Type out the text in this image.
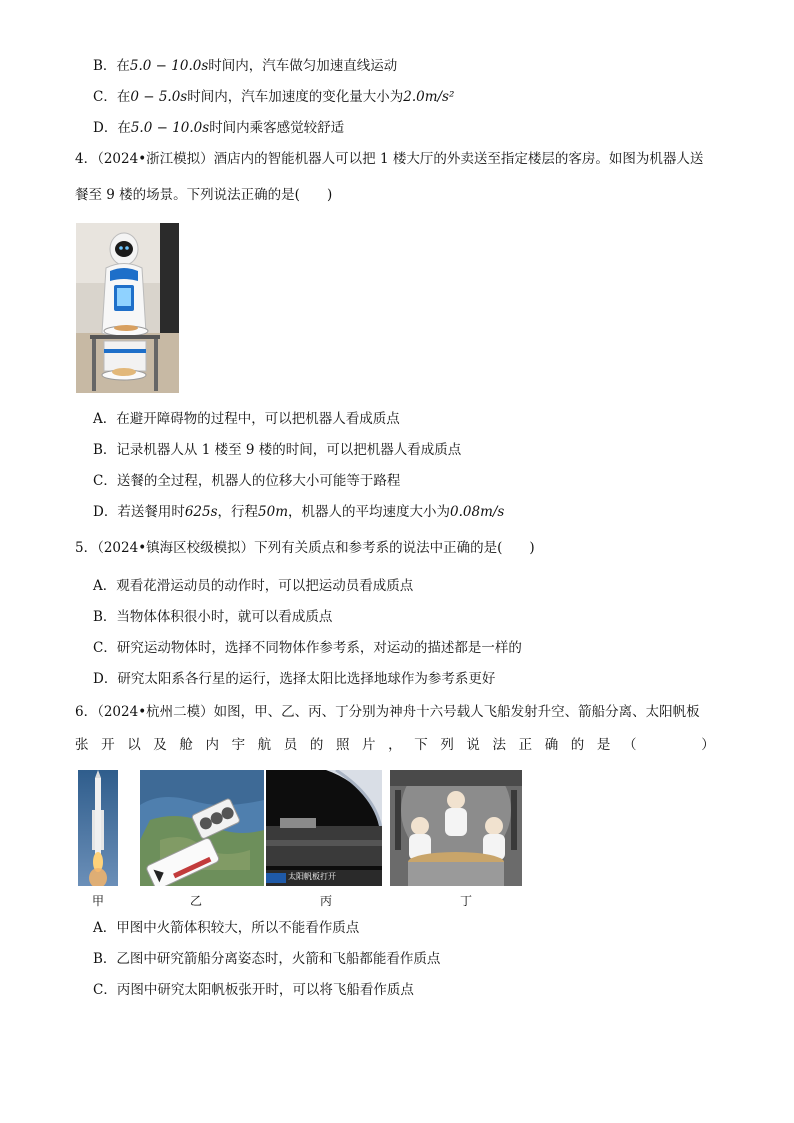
B．在5.0 − 10.0s时间内，汽车做匀加速直线运动
C．在0 − 5.0s时间内，汽车加速度的变化量大小为2.0m/s²
D．在5.0 − 10.0s时间内乘客感觉较舒适
4．（2024•浙江模拟）酒店内的智能机器人可以把 1 楼大厅的外卖送至指定楼层的客房。如图为机器人送
餐至 9 楼的场景。下列说法正确的是(　　)
A．在避开障碍物的过程中，可以把机器人看成质点
B．记录机器人从 1 楼至 9 楼的时间，可以把机器人看成质点
C．送餐的全过程，机器人的位移大小可能等于路程
D．若送餐用时625s，行程50m，机器人的平均速度大小为0.08m/s
5．（2024•镇海区校级模拟）下列有关质点和参考系的说法中正确的是(　　)
A．观看花滑运动员的动作时，可以把运动员看成质点
B．当物体体积很小时，就可以看成质点
C．研究运动物体时，选择不同物体作参考系，对运动的描述都是一样的
D．研究太阳系各行星的运行，选择太阳比选择地球作为参考系更好
6．（2024•杭州二模）如图，甲、乙、丙、丁分别为神舟十六号载人飞船发射升空、箭船分离、太阳帆板
张 开 以 及 舱 内 宇 航 员 的 照 片 ， 下 列 说 法 正 确 的 是 （

　	）
甲	乙
太阳帆板打开
丙	丁
A．甲图中火箭体积较大，所以不能看作质点
B．乙图中研究箭船分离姿态时，火箭和飞船都能看作质点
C．丙图中研究太阳帆板张开时，可以将飞船看作质点
